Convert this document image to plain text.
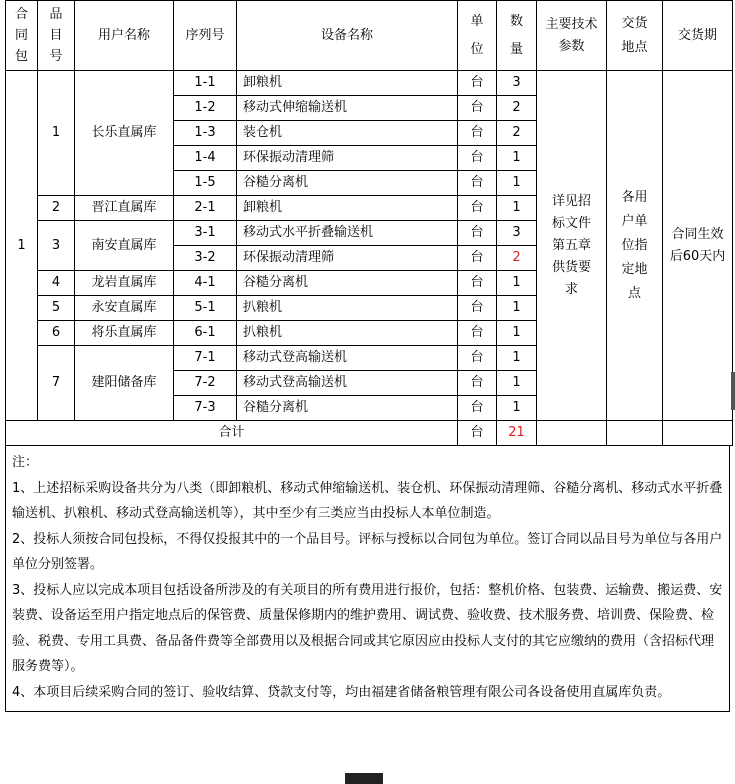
合同包	品目号	用户名称	序列号	设备名称	单位	数量	主要技术参数	交货地点	交货期
1	1	长乐直属库	1-1	卸粮机	台	3	详见招标文件第五章供货要求	各用户单位指定地点	合同生效后60天内
			1-2	移动式伸缩输送机	台	2			
			1-3	装仓机	台	2			
			1-4	环保振动清理筛	台	1			
			1-5	谷糙分离机	台	1			
	2	晋江直属库	2-1	卸粮机	台	1			
	3	南安直属库	3-1	移动式水平折叠输送机	台	3			
			3-2	环保振动清理筛	台	2			
	4	龙岩直属库	4-1	谷糙分离机	台	1			
	5	永安直属库	5-1	扒粮机	台	1			
	6	将乐直属库	6-1	扒粮机	台	1			
	7	建阳储备库	7-1	移动式登高输送机	台	1			
			7-2	移动式登高输送机	台	1			
			7-3	谷糙分离机	台	1			
合计					台	21			

注：

1、上述招标采购设备共分为八类（即卸粮机、移动式伸缩输送机、装仓机、环保振动清理筛、谷糙分离机、移动式水平折叠输送机、扒粮机、移动式登高输送机等），其中至少有三类应当由投标人本单位制造。

2、投标人须按合同包投标，不得仅投报其中的一个品目号。评标与授标以合同包为单位。签订合同以品目号为单位与各用户单位分别签署。

3、投标人应以完成本项目包括设备所涉及的有关项目的所有费用进行报价，包括：整机价格、包装费、运输费、搬运费、安装费、设备运至用户指定地点后的保管费、质量保修期内的维护费用、调试费、验收费、技术服务费、培训费、保险费、检验、税费、专用工具费、备品备件费等全部费用以及根据合同或其它原因应由投标人支付的其它应缴纳的费用（含招标代理服务费等）。

4、本项目后续采购合同的签订、验收结算、贷款支付等，均由福建省储备粮管理有限公司各设备使用直属库负责。
